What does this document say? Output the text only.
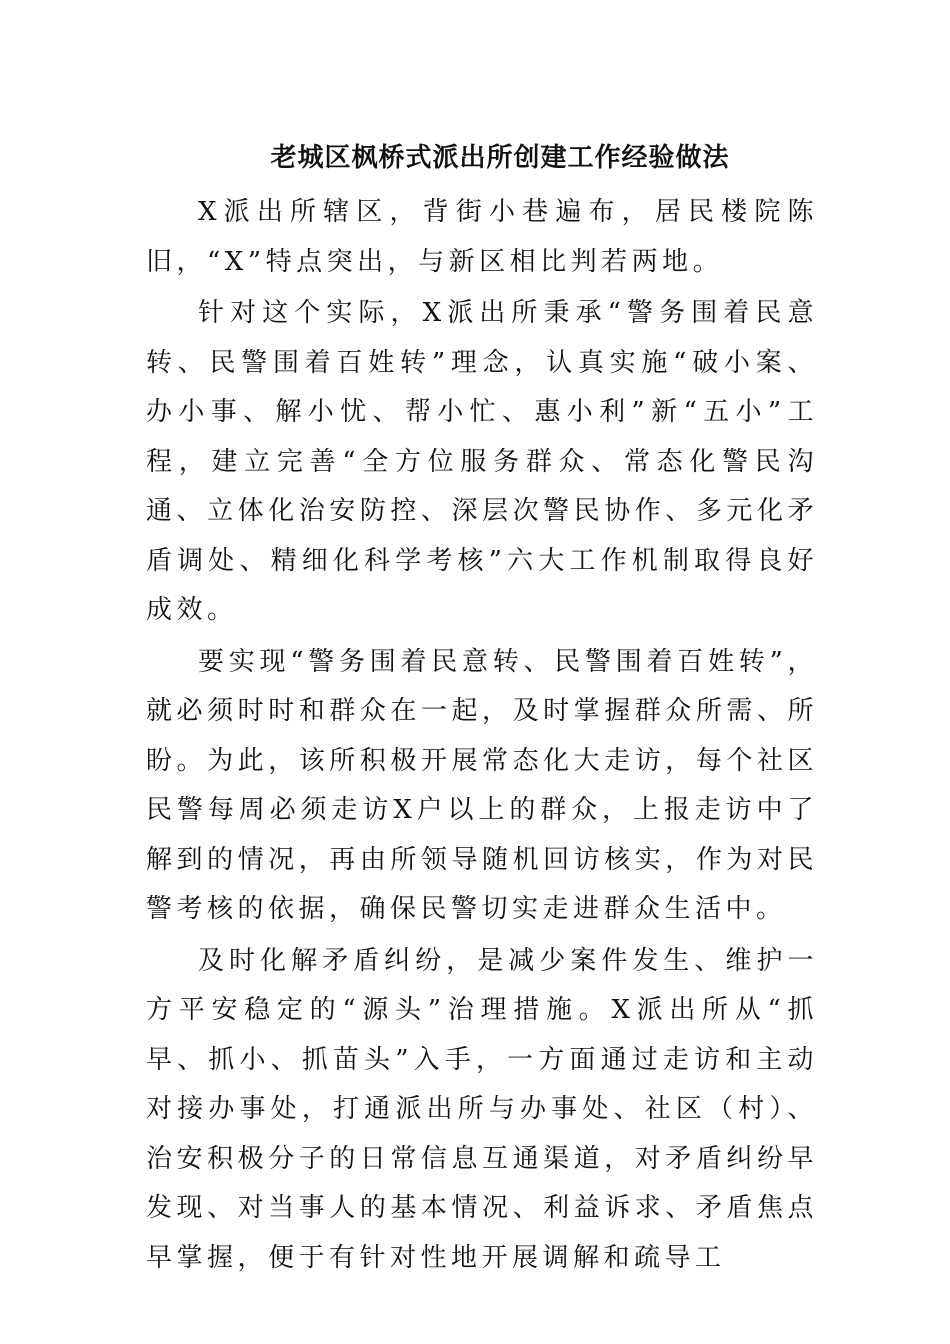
老城区枫桥式派出所创建工作经验做法

X派出所辖区，背街小巷遍布，居民楼院陈旧，“X”特点突出，与新区相比判若两地。

针对这个实际，X派出所秉承“警务围着民意转、民警围着百姓转”理念，认真实施“破小案、办小事、解小忧、帮小忙、惠小利”新“五小”工程，建立完善“全方位服务群众、常态化警民沟通、立体化治安防控、深层次警民协作、多元化矛盾调处、精细化科学考核”六大工作机制取得良好成效。

要实现“警务围着民意转、民警围着百姓转”，就必须时时和群众在一起，及时掌握群众所需、所盼。为此，该所积极开展常态化大走访，每个社区民警每周必须走访X户以上的群众，上报走访中了解到的情况，再由所领导随机回访核实，作为对民警考核的依据，确保民警切实走进群众生活中。

及时化解矛盾纠纷，是减少案件发生、维护一方平安稳定的“源头”治理措施。X派出所从“抓早、抓小、抓苗头”入手，一方面通过走访和主动对接办事处，打通派出所与办事处、社区（村）、治安积极分子的日常信息互通渠道，对矛盾纠纷早发现、对当事人的基本情况、利益诉求、矛盾焦点早掌握，便于有针对性地开展调解和疏导工
